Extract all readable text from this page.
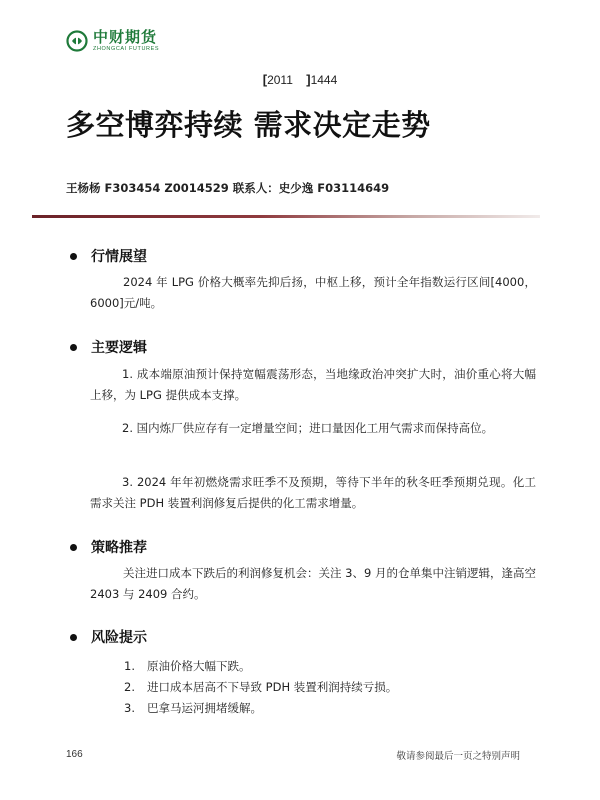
中财期货
ZHONGCAI FUTURES
[2011 ]1444
多空博弈持续 需求决定走势
王杨杨 F303454 Z0014529 联系人：史少逸 F03114649
行情展望
2024 年 LPG 价格大概率先抑后扬，中枢上移，预计全年指数运行区间[4000，6000]元/吨。
主要逻辑
1. 成本端原油预计保持宽幅震荡形态，当地缘政治冲突扩大时，油价重心将大幅上移，为 LPG 提供成本支撑。
2. 国内炼厂供应存有一定增量空间；进口量因化工用气需求而保持高位。
3. 2024 年年初燃烧需求旺季不及预期，等待下半年的秋冬旺季预期兑现。化工需求关注 PDH 装置利润修复后提供的化工需求增量。
策略推荐
关注进口成本下跌后的利润修复机会：关注 3、9 月的仓单集中注销逻辑，逢高空 2403 与 2409 合约。
风险提示
1. 原油价格大幅下跌。
2. 进口成本居高不下导致 PDH 装置利润持续亏损。
3. 巴拿马运河拥堵缓解。
166	敬请参阅最后一页之特别声明
